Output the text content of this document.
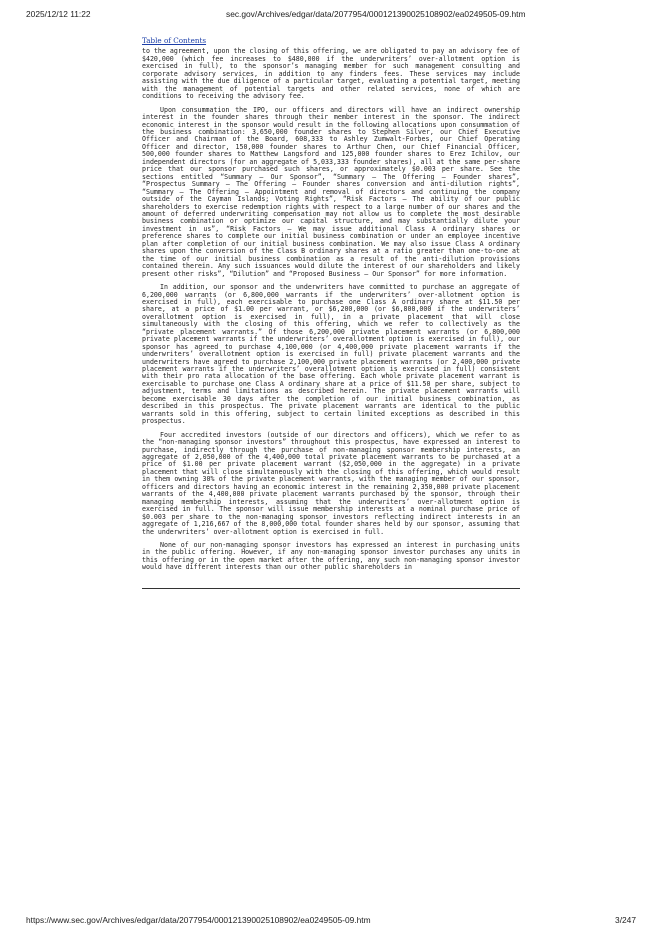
2025/12/12 11:22	sec.gov/Archives/edgar/data/2077954/000121390025108902/ea0249505-09.htm
Table of Contents

to the agreement, upon the closing of this offering, we are obligated to pay an advisory fee of $420,000 (which fee increases to $480,000 if the underwriters’ over-allotment option is exercised in full), to the sponsor’s managing member for such management consulting and corporate advisory services, in addition to any finders fees. These services may include assisting with the due diligence of a particular target, evaluating a potential target, meeting with the management of potential targets and other related services, none of which are conditions to receiving the advisory fee.

Upon consummation the IPO, our officers and directors will have an indirect ownership interest in the founder shares through their member interest in the sponsor. The indirect economic interest in the sponsor would result in the following allocations upon consummation of the business combination: 3,650,000 founder shares to Stephen Silver, our Chief Executive Officer and Chairman of the Board, 608,333 to Ashley Zumwalt-Forbes, our Chief Operating Officer and director, 150,000 founder shares to Arthur Chen, our Chief Financial Officer, 500,000 founder shares to Matthew Langsford and 125,000 founder shares to Erez Ichilov, our independent directors (for an aggregate of 5,033,333 founder shares), all at the same per-share price that our sponsor purchased such shares, or approximately $0.003 per share. See the sections entitled “Summary — Our Sponsor”, “Summary — The Offering — Founder shares”, “Prospectus Summary — The Offering — Founder shares conversion and anti-dilution rights”, “Summary — The Offering — Appointment and removal of directors and continuing the company outside of the Cayman Islands; Voting Rights”, “Risk Factors — The ability of our public shareholders to exercise redemption rights with respect to a large number of our shares and the amount of deferred underwriting compensation may not allow us to complete the most desirable business combination or optimize our capital structure, and may substantially dilute your investment in us”, “Risk Factors — We may issue additional Class A ordinary shares or preference shares to complete our initial business combination or under an employee incentive plan after completion of our initial business combination. We may also issue Class A ordinary shares upon the conversion of the Class B ordinary shares at a ratio greater than one-to-one at the time of our initial business combination as a result of the anti-dilution provisions contained therein. Any such issuances would dilute the interest of our shareholders and likely present other risks”, “Dilution” and “Proposed Business — Our Sponsor” for more information.

In addition, our sponsor and the underwriters have committed to purchase an aggregate of 6,200,000 warrants (or 6,800,000 warrants if the underwriters’ over-allotment option is exercised in full), each exercisable to purchase one Class A ordinary share at $11.50 per share, at a price of $1.00 per warrant, or $6,200,000 (or $6,800,000 if the underwriters’ overallotment option is exercised in full), in a private placement that will close simultaneously with the closing of this offering, which we refer to collectively as the “private placement warrants.” Of those 6,200,000 private placement warrants (or 6,800,000 private placement warrants if the underwriters’ overallotment option is exercised in full), our sponsor has agreed to purchase 4,100,000 (or 4,400,000 private placement warrants if the underwriters’ overallotment option is exercised in full) private placement warrants and the underwriters have agreed to purchase 2,100,000 private placement warrants (or 2,400,000 private placement warrants if the underwriters’ overallotment option is exercised in full) consistent with their pro rata allocation of the base offering. Each whole private placement warrant is exercisable to purchase one Class A ordinary share at a price of $11.50 per share, subject to adjustment, terms and limitations as described herein. The private placement warrants will become exercisable 30 days after the completion of our initial business combination, as described in this prospectus. The private placement warrants are identical to the public warrants sold in this offering, subject to certain limited exceptions as described in this prospectus.

Four accredited investors (outside of our directors and officers), which we refer to as the “non-managing sponsor investors” throughout this prospectus, have expressed an interest to purchase, indirectly through the purchase of non-managing sponsor membership interests, an aggregate of 2,050,000 of the 4,400,000 total private placement warrants to be purchased at a price of $1.00 per private placement warrant ($2,050,000 in the aggregate) in a private placement that will close simultaneously with the closing of this offering, which would result in them owning 30% of the private placement warrants, with the managing member of our sponsor, officers and directors having an economic interest in the remaining 2,350,000 private placement warrants of the 4,400,000 private placement warrants purchased by the sponsor, through their managing membership interests, assuming that the underwriters’ over-allotment option is exercised in full. The sponsor will issue membership interests at a nominal purchase price of $0.003 per share to the non-managing sponsor investors reflecting indirect interests in an aggregate of 1,216,667 of the 8,000,000 total founder shares held by our sponsor, assuming that the underwriters’ over-allotment option is exercised in full.

None of our non-managing sponsor investors has expressed an interest in purchasing units in the public offering. However, if any non-managing sponsor investor purchases any units in this offering or in the open market after the offering, any such non-managing sponsor investor would have different interests than our other public shareholders in

https://www.sec.gov/Archives/edgar/data/2077954/000121390025108902/ea0249505-09.htm	3/247
